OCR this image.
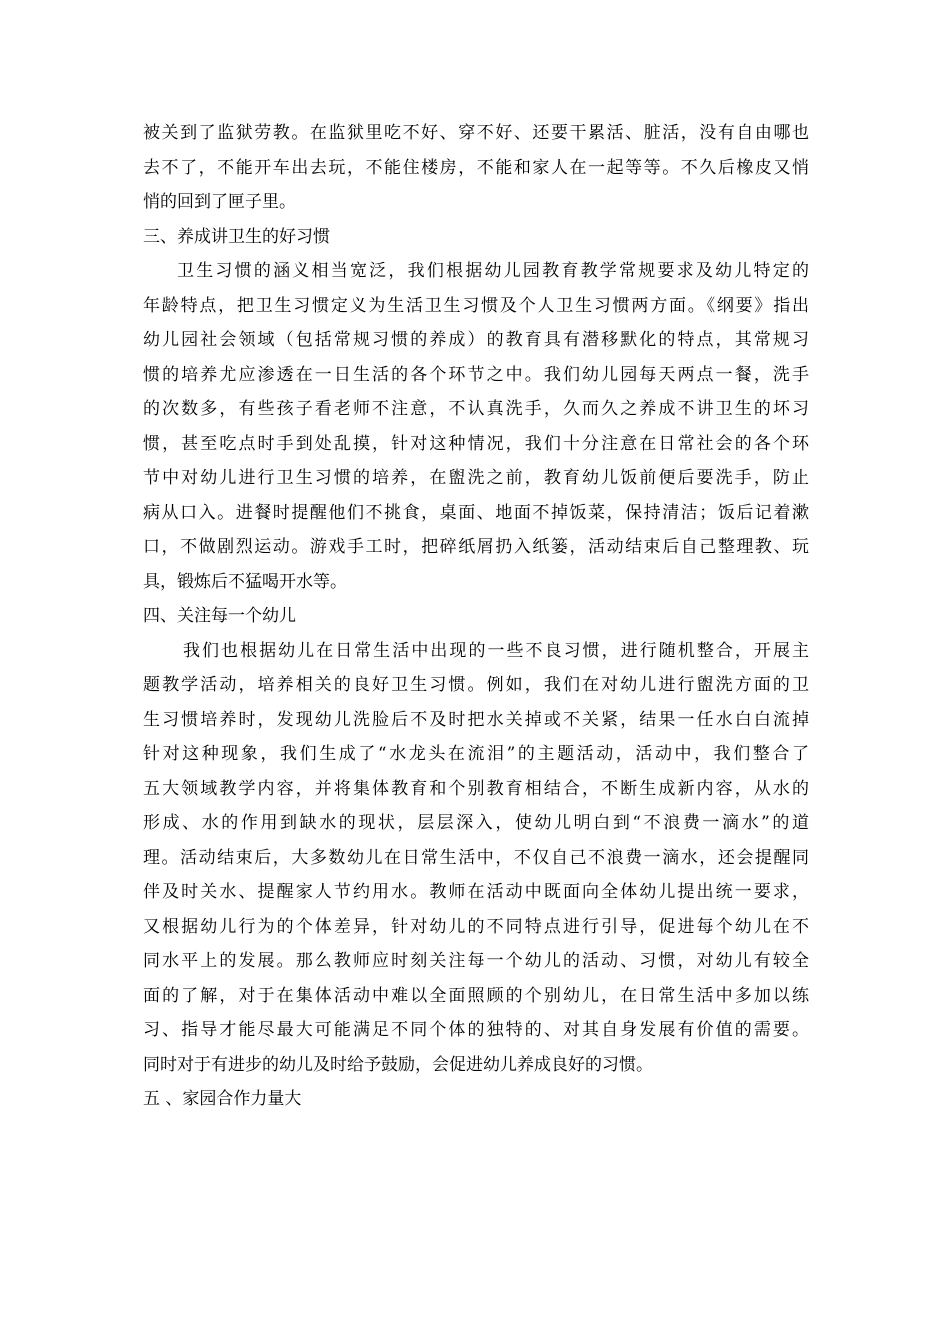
被关到了监狱劳教。在监狱里吃不好、穿不好、还要干累活、脏活，没有自由哪也
去不了，不能开车出去玩，不能住楼房，不能和家人在一起等等。不久后橡皮又悄
悄的回到了匣子里。
三、养成讲卫生的好习惯
卫生习惯的涵义相当宽泛，我们根据幼儿园教育教学常规要求及幼儿特定的
年龄特点，把卫生习惯定义为生活卫生习惯及个人卫生习惯两方面。《纲要》指出
幼儿园社会领域（包括常规习惯的养成）的教育具有潜移默化的特点，其常规习
惯的培养尤应渗透在一日生活的各个环节之中。我们幼儿园每天两点一餐，洗手
的次数多，有些孩子看老师不注意，不认真洗手，久而久之养成不讲卫生的坏习
惯，甚至吃点时手到处乱摸，针对这种情况，我们十分注意在日常社会的各个环
节中对幼儿进行卫生习惯的培养，在盥洗之前，教育幼儿饭前便后要洗手，防止
病从口入。进餐时提醒他们不挑食，桌面、地面不掉饭菜，保持清洁；饭后记着漱
口，不做剧烈运动。游戏手工时，把碎纸屑扔入纸篓，活动结束后自己整理教、玩
具，锻炼后不猛喝开水等。
四、关注每一个幼儿
我们也根据幼儿在日常生活中出现的一些不良习惯，进行随机整合，开展主
题教学活动，培养相关的良好卫生习惯。例如，我们在对幼儿进行盥洗方面的卫
生习惯培养时，发现幼儿洗脸后不及时把水关掉或不关紧，结果一任水白白流掉
针对这种现象，我们生成了“水龙头在流泪”的主题活动，活动中，我们整合了
五大领域教学内容，并将集体教育和个别教育相结合，不断生成新内容，从水的
形成、水的作用到缺水的现状，层层深入，使幼儿明白到“不浪费一滴水”的道
理。活动结束后，大多数幼儿在日常生活中，不仅自己不浪费一滴水，还会提醒同
伴及时关水、提醒家人节约用水。教师在活动中既面向全体幼儿提出统一要求，
又根据幼儿行为的个体差异，针对幼儿的不同特点进行引导，促进每个幼儿在不
同水平上的发展。那么教师应时刻关注每一个幼儿的活动、习惯，对幼儿有较全
面的了解，对于在集体活动中难以全面照顾的个别幼儿，在日常生活中多加以练
习、指导才能尽最大可能满足不同个体的独特的、对其自身发展有价值的需要。
同时对于有进步的幼儿及时给予鼓励，会促进幼儿养成良好的习惯。
五 、家园合作力量大
